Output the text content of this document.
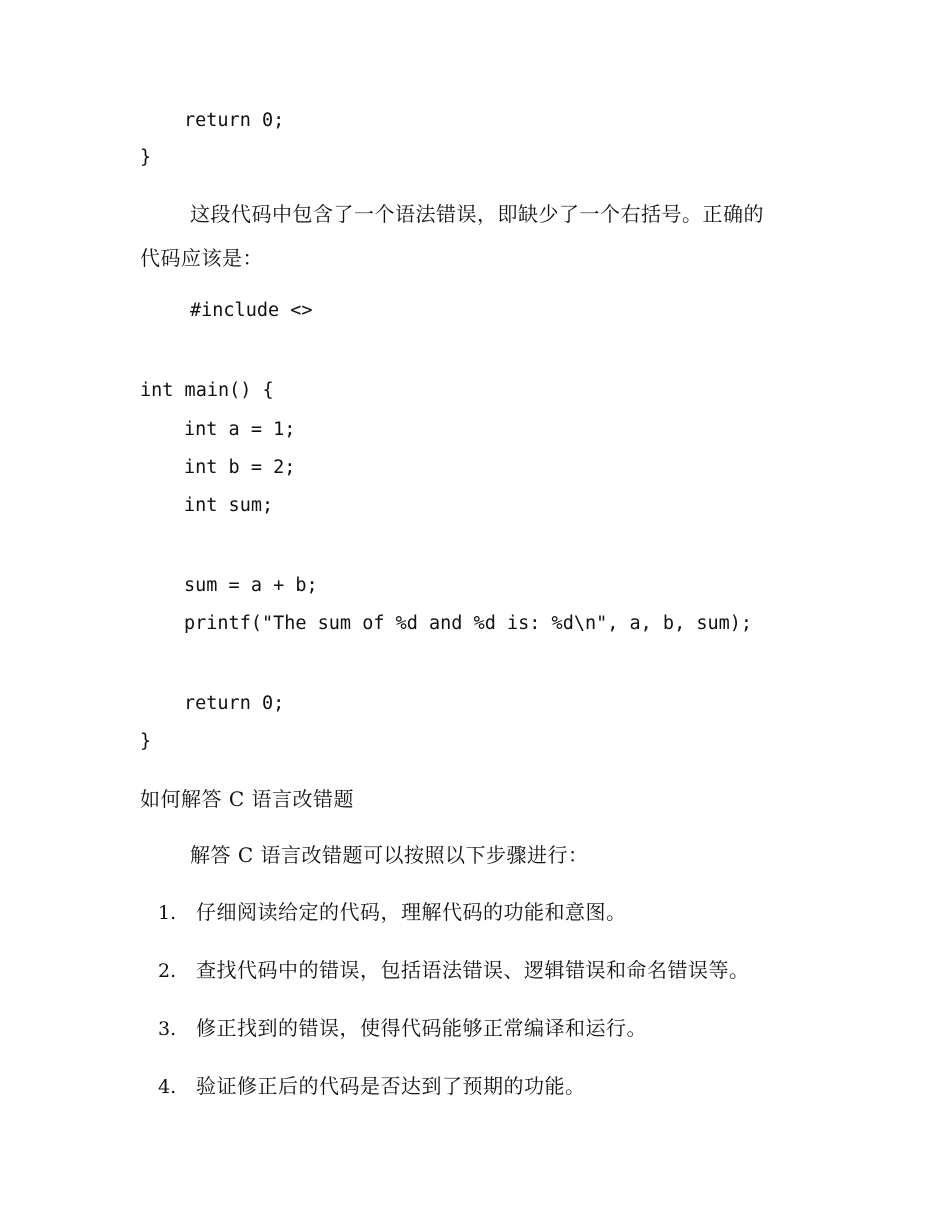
return 0;
}
这段代码中包含了一个语法错误，即缺少了一个右括号。正确的
代码应该是：
#include <>
int main() {
int a = 1;
int b = 2;
int sum;
sum = a + b;
printf("The sum of %d and %d is: %d\n", a, b, sum);
return 0;
}
如何解答 C 语言改错题
解答 C 语言改错题可以按照以下步骤进行：
1. 仔细阅读给定的代码，理解代码的功能和意图。
2. 查找代码中的错误，包括语法错误、逻辑错误和命名错误等。
3. 修正找到的错误，使得代码能够正常编译和运行。
4. 验证修正后的代码是否达到了预期的功能。
